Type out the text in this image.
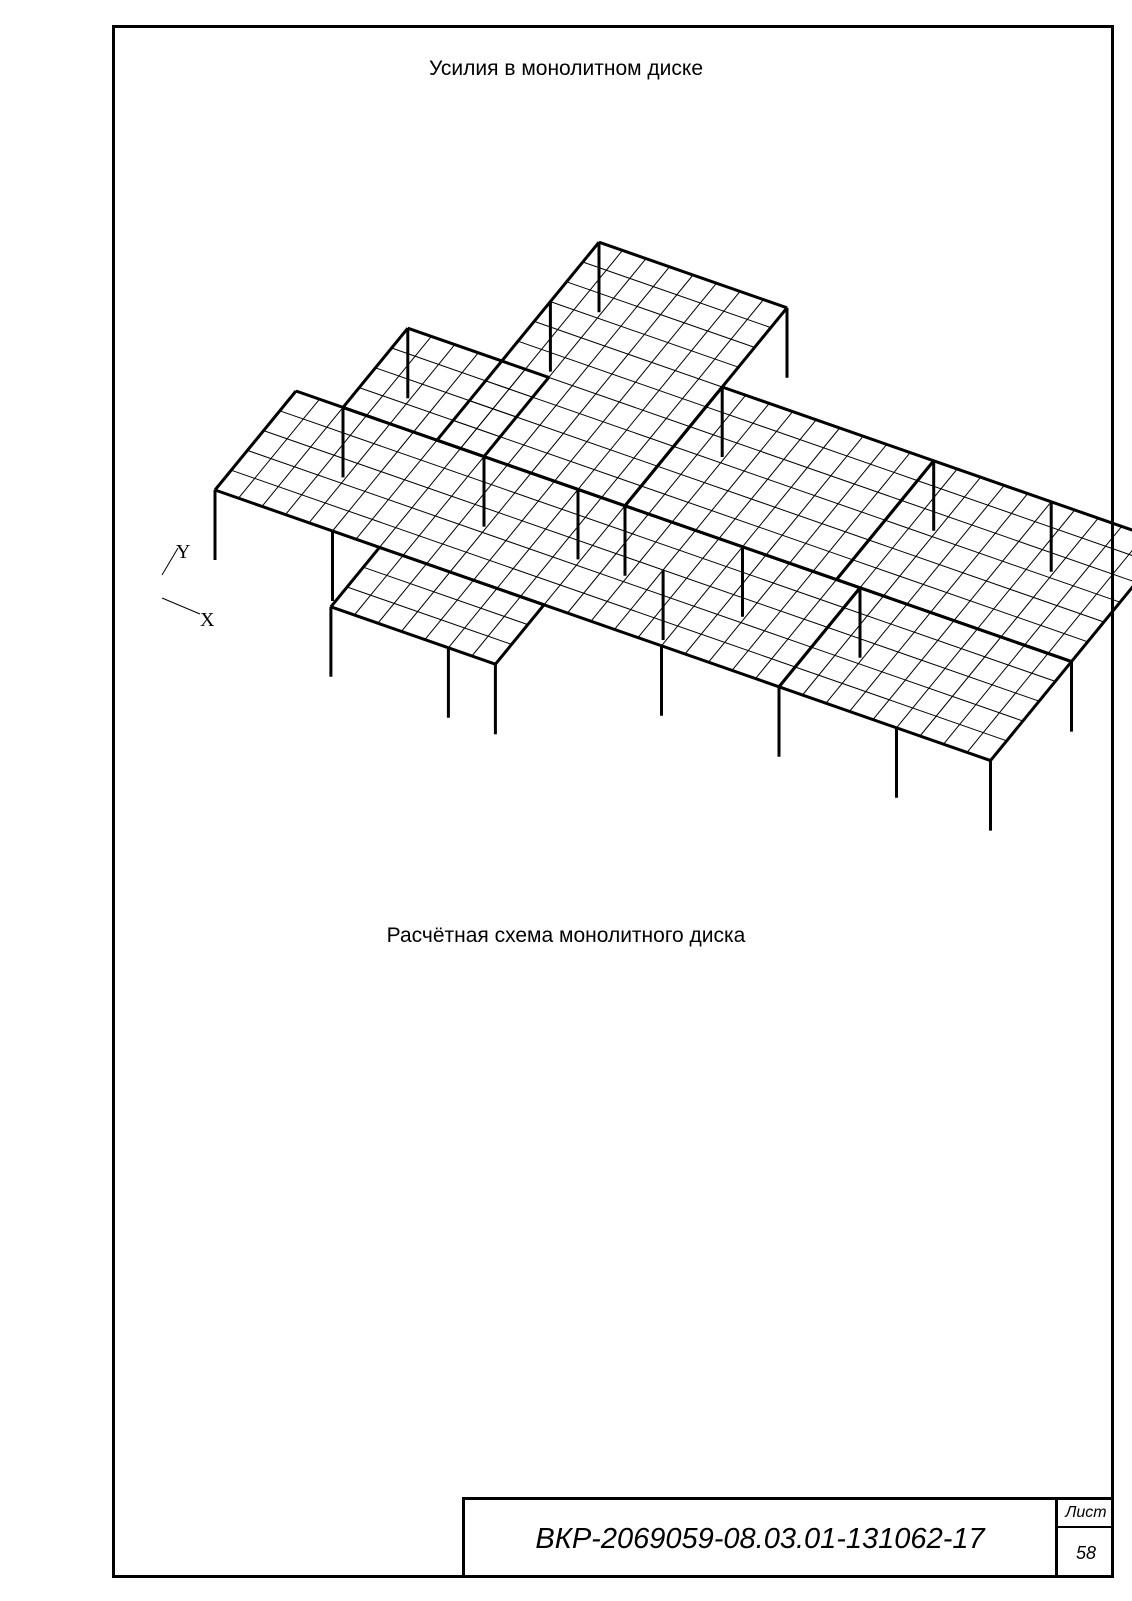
Усилия в монолитном диске
Y
X
Расчётная схема монолитного диска
ВКР-2069059-08.03.01-131062-17
Лист
58
